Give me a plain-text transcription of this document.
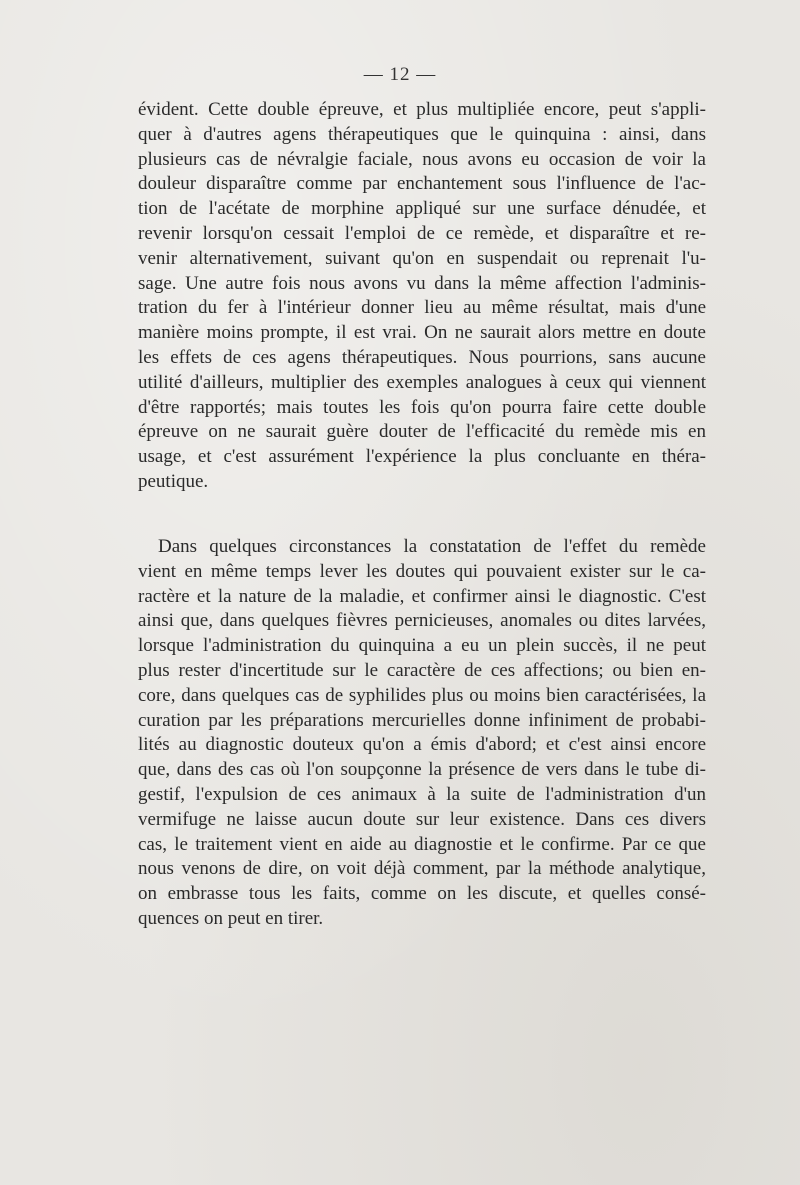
— 12 —
évident. Cette double épreuve, et plus multipliée encore, peut s'appli-
quer à d'autres agens thérapeutiques que le quinquina : ainsi, dans
plusieurs cas de névralgie faciale, nous avons eu occasion de voir la
douleur disparaître comme par enchantement sous l'influence de l'ac-
tion de l'acétate de morphine appliqué sur une surface dénudée, et
revenir lorsqu'on cessait l'emploi de ce remède, et disparaître et re-
venir alternativement, suivant qu'on en suspendait ou reprenait l'u-
sage. Une autre fois nous avons vu dans la même affection l'adminis-
tration du fer à l'intérieur donner lieu au même résultat, mais d'une
manière moins prompte, il est vrai. On ne saurait alors mettre en doute
les effets de ces agens thérapeutiques. Nous pourrions, sans aucune
utilité d'ailleurs, multiplier des exemples analogues à ceux qui viennent
d'être rapportés; mais toutes les fois qu'on pourra faire cette double
épreuve on ne saurait guère douter de l'efficacité du remède mis en
usage, et c'est assurément l'expérience la plus concluante en théra-
peutique.
Dans quelques circonstances la constatation de l'effet du remède
vient en même temps lever les doutes qui pouvaient exister sur le ca-
ractère et la nature de la maladie, et confirmer ainsi le diagnostic. C'est
ainsi que, dans quelques fièvres pernicieuses, anomales ou dites larvées,
lorsque l'administration du quinquina a eu un plein succès, il ne peut
plus rester d'incertitude sur le caractère de ces affections; ou bien en-
core, dans quelques cas de syphilides plus ou moins bien caractérisées, la
curation par les préparations mercurielles donne infiniment de probabi-
lités au diagnostic douteux qu'on a émis d'abord; et c'est ainsi encore
que, dans des cas où l'on soupçonne la présence de vers dans le tube di-
gestif, l'expulsion de ces animaux à la suite de l'administration d'un
vermifuge ne laisse aucun doute sur leur existence. Dans ces divers
cas, le traitement vient en aide au diagnostie et le confirme. Par ce que
nous venons de dire, on voit déjà comment, par la méthode analytique,
on embrasse tous les faits, comme on les discute, et quelles consé-
quences on peut en tirer.
